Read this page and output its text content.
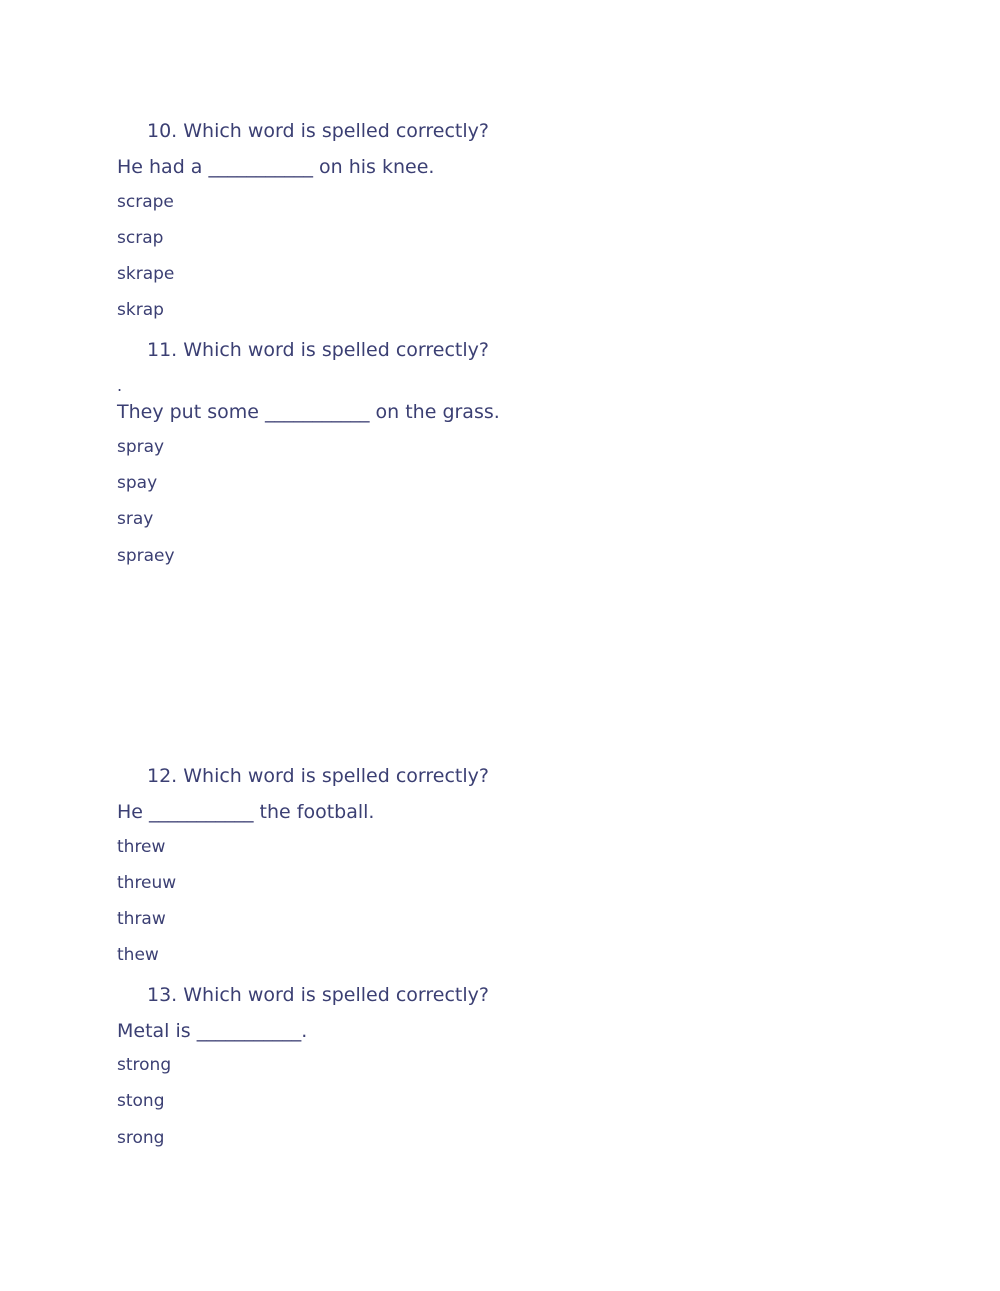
10. Which word is spelled correctly?
He had a ___________ on his knee.
scrape
scrap
skrape
skrap
11. Which word is spelled correctly?
.
They put some ___________ on the grass.
spray
spay
sray
spraey
12. Which word is spelled correctly?
He ___________ the football.
threw
threuw
thraw
thew
13. Which word is spelled correctly?
Metal is ___________.
strong
stong
srong
